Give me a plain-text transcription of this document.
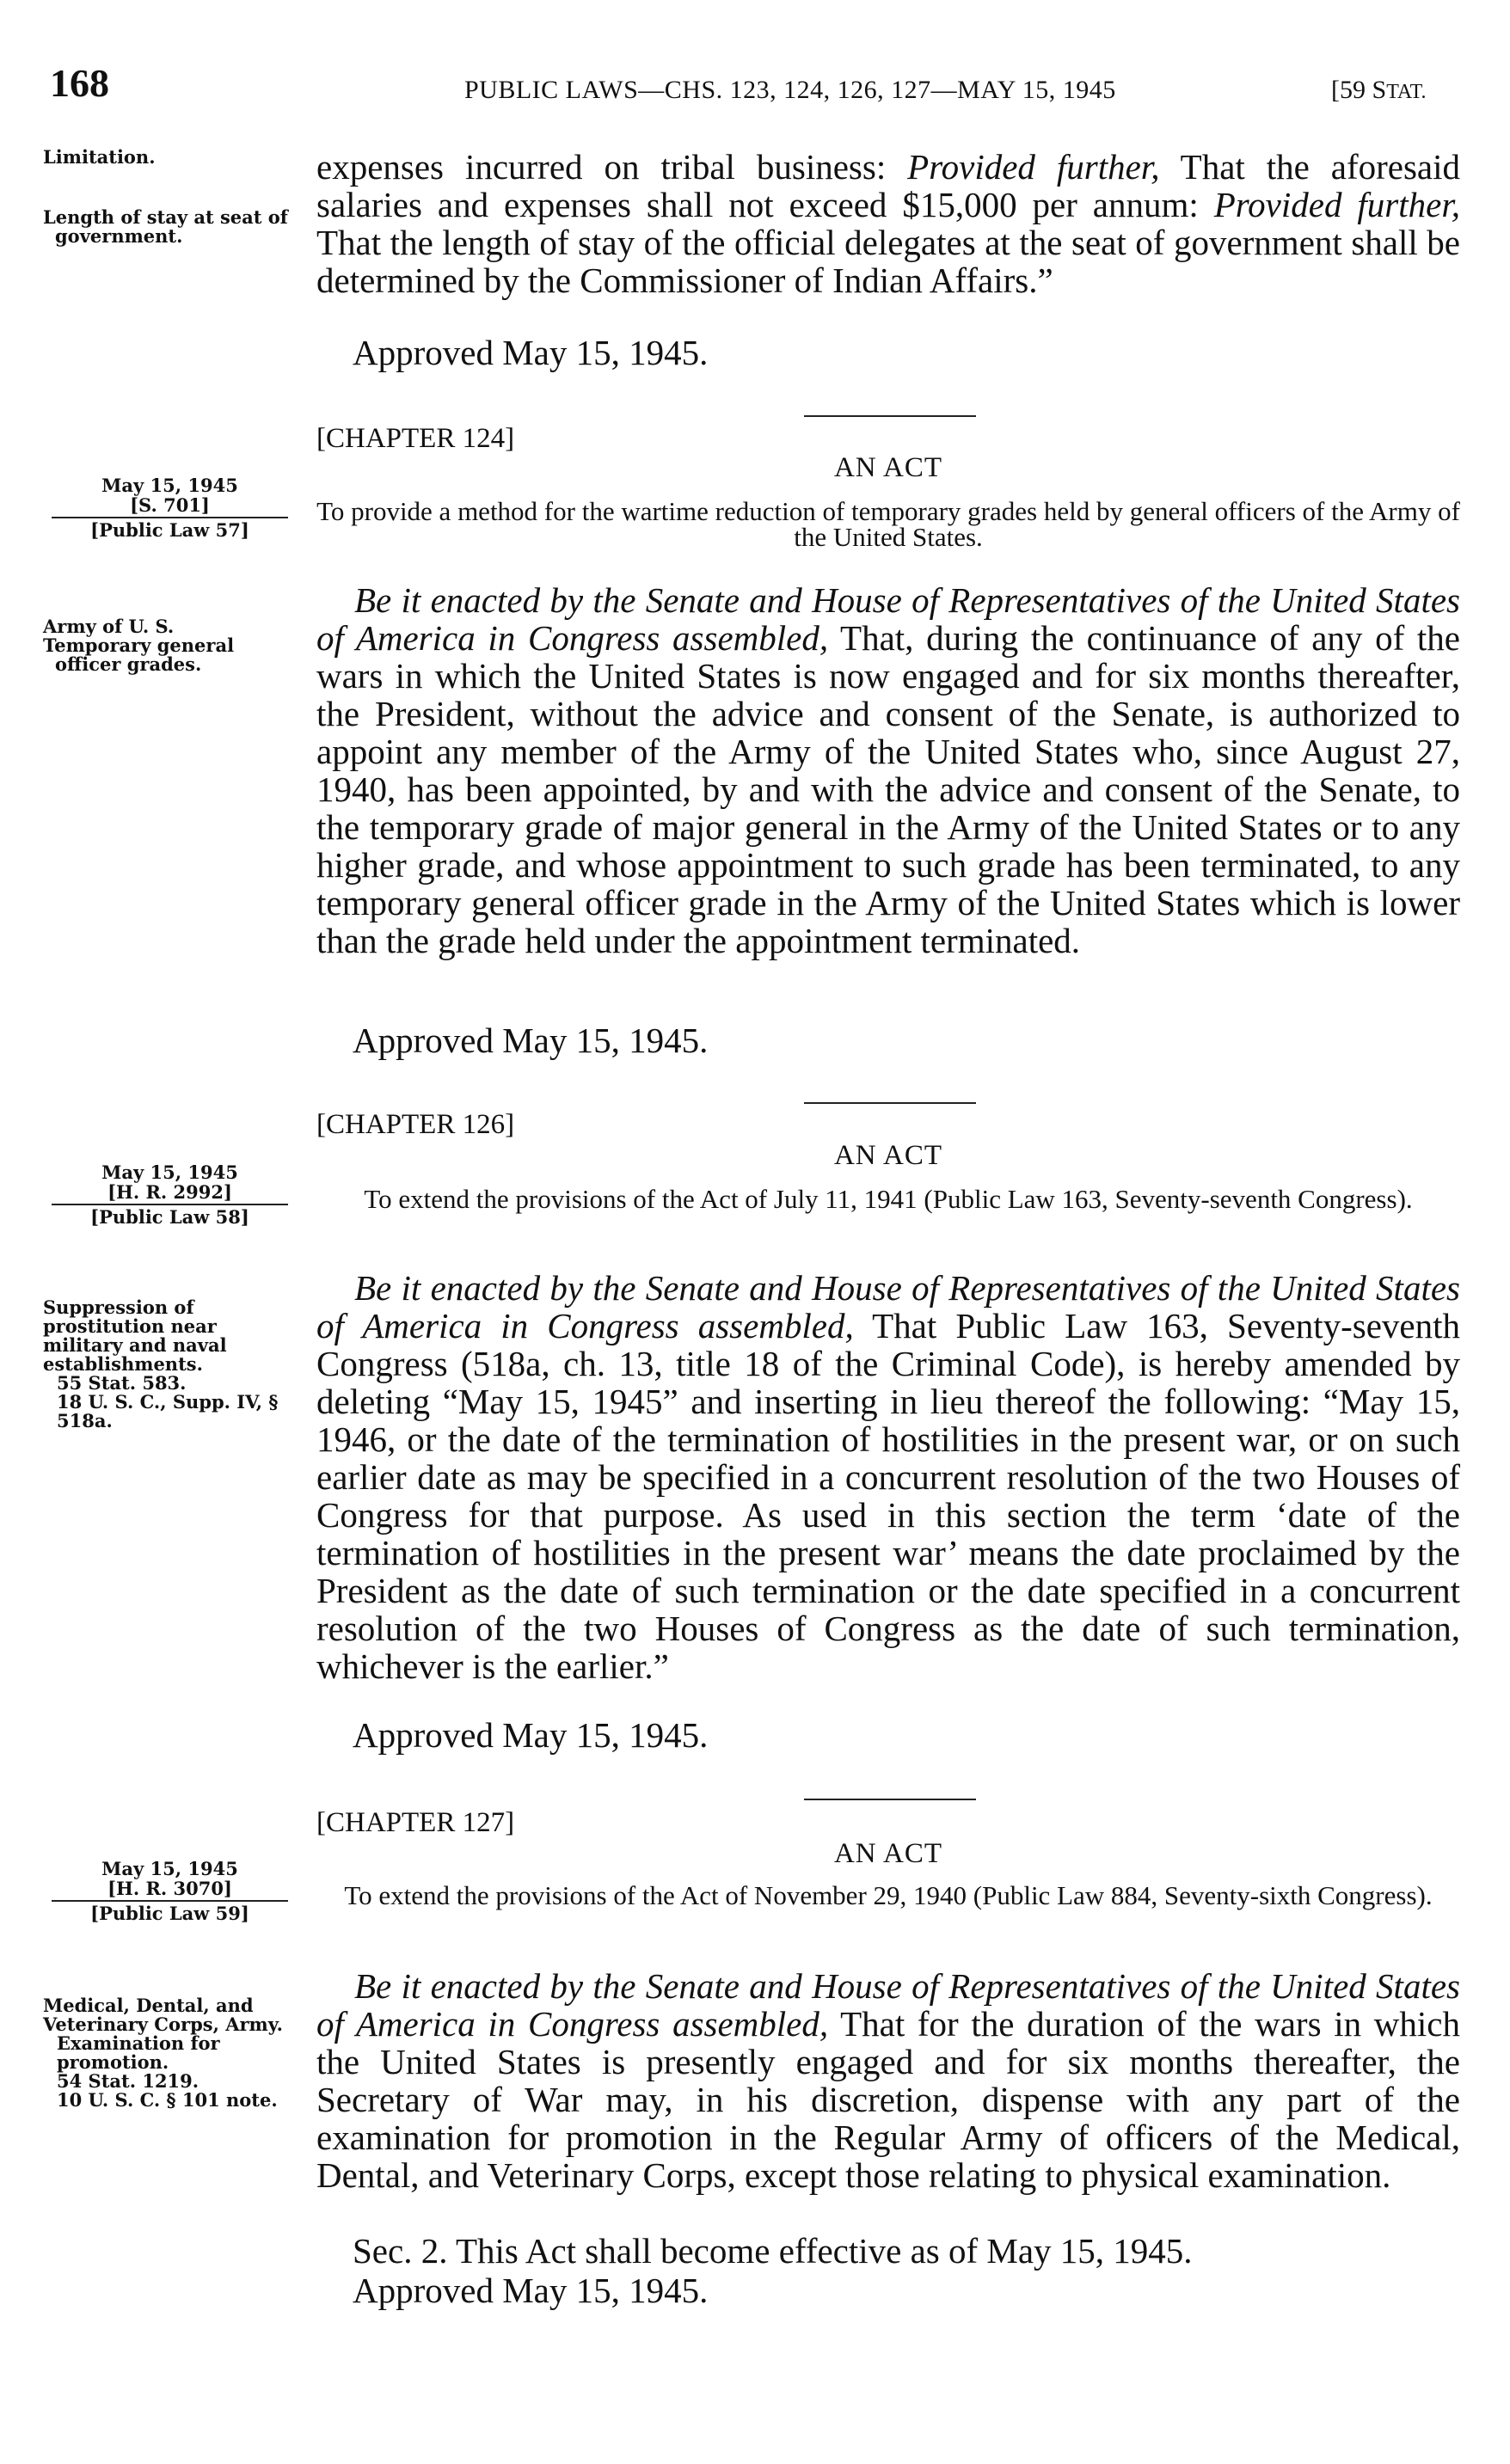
168	PUBLIC LAWS—CHS. 123, 124, 126, 127—MAY 15, 1945	[59 STAT.
Limitation.
Length of stay at seat of government.

expenses incurred on tribal business: Provided further, That the aforesaid salaries and expenses shall not exceed $15,000 per annum: Provided further, That the length of stay of the official delegates at the seat of government shall be determined by the Commissioner of Indian Affairs.”

Approved May 15, 1945.
[CHAPTER 124]
AN ACT
To provide a method for the wartime reduction of temporary grades held by general officers of the Army of the United States.
May 15, 1945
[S. 701]
[Public Law 57]
Army of U. S.
Temporary general officer grades.

Be it enacted by the Senate and House of Representatives of the United States of America in Congress assembled, That, during the continuance of any of the wars in which the United States is now engaged and for six months thereafter, the President, without the advice and consent of the Senate, is authorized to appoint any member of the Army of the United States who, since August 27, 1940, has been appointed, by and with the advice and consent of the Senate, to the temporary grade of major general in the Army of the United States or to any higher grade, and whose appointment to such grade has been terminated, to any temporary general officer grade in the Army of the United States which is lower than the grade held under the appointment terminated.

Approved May 15, 1945.
[CHAPTER 126]
AN ACT
To extend the provisions of the Act of July 11, 1941 (Public Law 163, Seventy-seventh Congress).
May 15, 1945
[H. R. 2992]
[Public Law 58]
Suppression of prostitution near military and naval establishments.
55 Stat. 583.
18 U. S. C., Supp. IV, § 518a.

Be it enacted by the Senate and House of Representatives of the United States of America in Congress assembled, That Public Law 163, Seventy-seventh Congress (518a, ch. 13, title 18 of the Criminal Code), is hereby amended by deleting “May 15, 1945” and inserting in lieu thereof the following: “May 15, 1946, or the date of the termination of hostilities in the present war, or on such earlier date as may be specified in a concurrent resolution of the two Houses of Congress for that purpose. As used in this section the term ‘date of the termination of hostilities in the present war’ means the date proclaimed by the President as the date of such termination or the date specified in a concurrent resolution of the two Houses of Congress as the date of such termination, whichever is the earlier.”

Approved May 15, 1945.
[CHAPTER 127]
AN ACT
To extend the provisions of the Act of November 29, 1940 (Public Law 884, Seventy-sixth Congress).
May 15, 1945
[H. R. 3070]
[Public Law 59]
Medical, Dental, and Veterinary Corps, Army.
Examination for promotion.
54 Stat. 1219.
10 U. S. C. § 101 note.

Be it enacted by the Senate and House of Representatives of the United States of America in Congress assembled, That for the duration of the wars in which the United States is presently engaged and for six months thereafter, the Secretary of War may, in his discretion, dispense with any part of the examination for promotion in the Regular Army of officers of the Medical, Dental, and Veterinary Corps, except those relating to physical examination.

Sec. 2. This Act shall become effective as of May 15, 1945.
Approved May 15, 1945.
